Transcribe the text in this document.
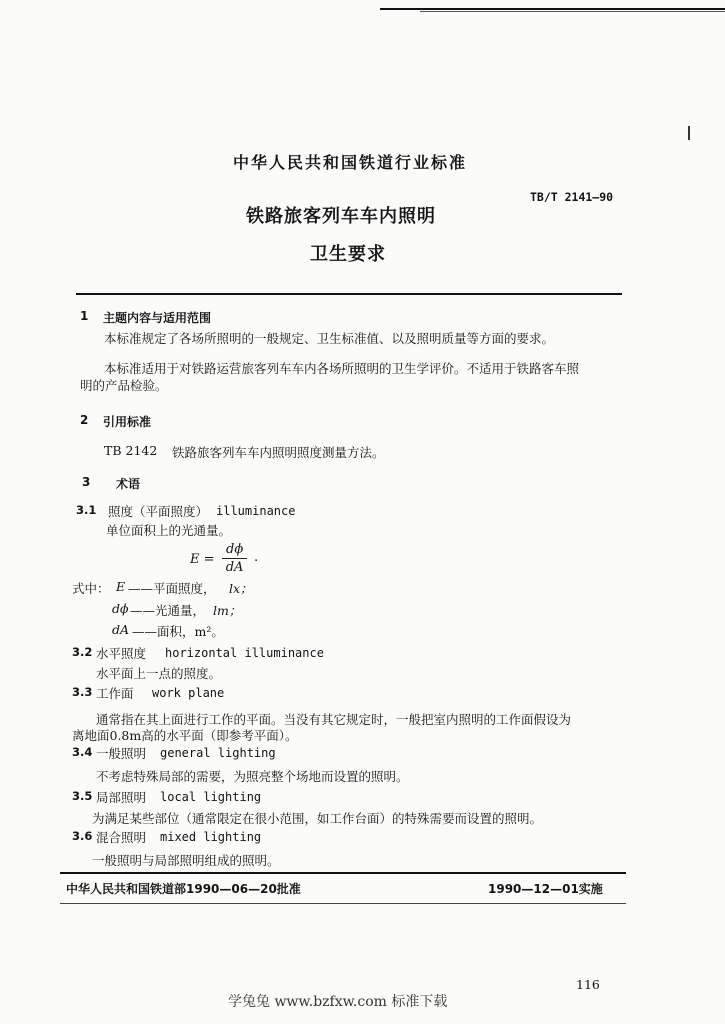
中华人民共和国铁道行业标准
TB/T 2141—90
铁路旅客列车车内照明
卫生要求
1 主题内容与适用范围
本标准规定了各场所照明的一般规定、卫生标准值、以及照明质量等方面的要求。
本标准适用于对铁路运营旅客列车车内各场所照明的卫生学评价。不适用于铁路客车照
明的产品检验。
2 引用标准
TB 2142 铁路旅客列车车内照明照度测量方法。
3 术语
3.1 照度（平面照度） illuminance
单位面积上的光通量。
$E = \frac{d\phi}{dA}$ .
式中： E ——平面照度， lx；
dϕ ——光通量， lm；
dA ——面积，m²。
3.2 水平照度 horizontal illuminance
水平面上一点的照度。
3.3 工作面 work plane
通常指在其上面进行工作的平面。当没有其它规定时，一般把室内照明的工作面假设为
离地面0.8m高的水平面（即参考平面）。
3.4 一般照明 general lighting
不考虑特殊局部的需要，为照亮整个场地而设置的照明。
3.5 局部照明 local lighting
为满足某些部位（通常限定在很小范围，如工作台面）的特殊需要而设置的照明。
3.6 混合照明 mixed lighting
一般照明与局部照明组成的照明。
中华人民共和国铁道部1990—06—20批准	1990—12—01实施
116
学兔兔 www.bzfxw.com 标准下载
